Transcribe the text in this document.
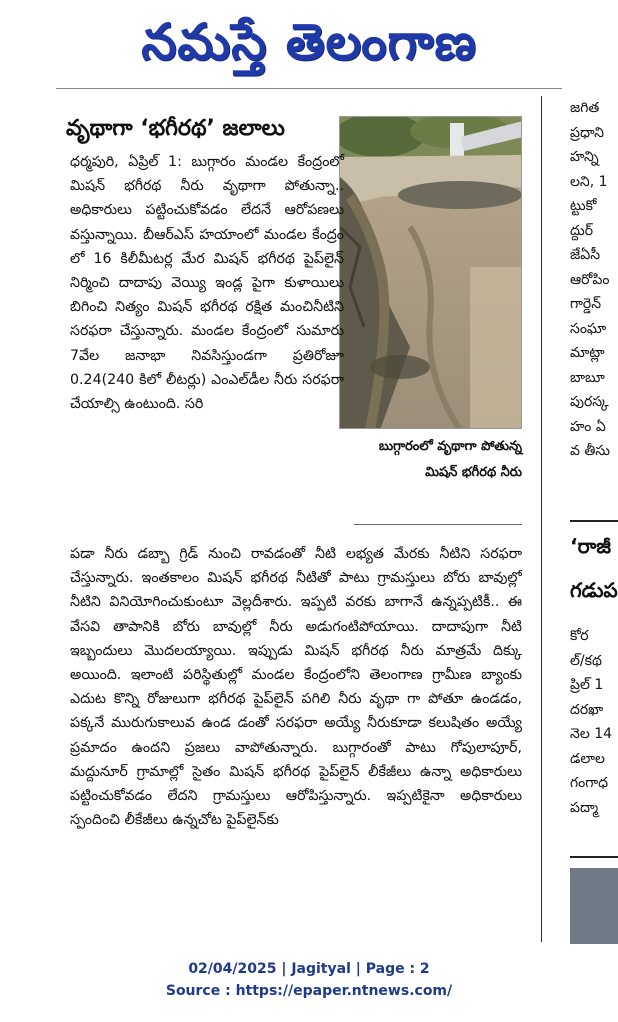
నమస్తే తెలంగాణ
వృథాగా ‘భగీరథ’ జలాలు
ధర్మపురి, ఏప్రిల్ 1: బుగ్గారం మండల కేంద్రంలో మిషన్ భగీరథ నీరు వృథాగా పోతున్నా.. అధికారులు పట్టించుకోవడం లేదనే ఆరోపణలు వస్తున్నాయి. బీఆర్ఎస్ హయాంలో మండల కేంద్రం లో 16 కిలీమీటర్ల మేర మిషన్ భగీరథ పైప్‌లైన్ నిర్మించి దాదాపు వెయ్యి ఇండ్ల పైగా కుళాయిలు బిగించి నిత్యం మిషన్ భగీరథ రక్షిత మంచినీటిని సరఫరా చేస్తున్నారు. మండల కేంద్రంలో సుమారు 7వేల జనాభా నివసిస్తుండగా ప్రతిరోజూ 0.24(240 కిలో లీటర్లు) ఎంఎల్‌డీల నీరు సరఫరా చేయాల్సి ఉంటుంది. సరి
బుగ్గారంలో వృథాగా పోతున్న మిషన్ భగీరథ నీరు
పడా నీరు డబ్బా గ్రిడ్ నుంచి రావడంతో నీటి లభ్యత మేరకు నీటిని సరఫరా చేస్తున్నారు. ఇంతకాలం మిషన్ భగీరథ నీటితో పాటు గ్రామస్తులు బోరు బావుల్లో నీటిని వినియోగించుకుంటూ వెల్లదీశారు. ఇప్పటి వరకు బాగానే ఉన్నప్పటికీ.. ఈ వేసవి తాపానికి బోరు బావుల్లో నీరు అడుగంటిపోయాయి. దాదాపుగా నీటి ఇబ్బందులు మొదలయ్యాయి. ఇప్పుడు మిషన్ భగీరథ నీరు మాత్రమే దిక్కు అయింది. ఇలాంటి పరిస్థితుల్లో మండల కేంద్రంలోని తెలంగాణ గ్రామీణ బ్యాంకు ఎదుట కొన్ని రోజులుగా భగీరథ పైప్‌లైన్ పగిలి నీరు వృథా గా పోతూ ఉండడం, పక్కనే మురుగుకాలువ ఉండ డంతో సరఫరా అయ్యే నీరుకూడా కలుషితం అయ్యే ప్రమాదం ఉందని ప్రజలు వాపోతున్నారు. బుగ్గారంతో పాటు గోపులాపూర్, మద్దునూర్ గ్రామాల్లో సైతం మిషన్ భగీరథ పైప్‌లైన్ లీకేజీలు ఉన్నా అధికారులు పట్టించుకోవడం లేదని గ్రామస్తులు ఆరోపిస్తున్నారు. ఇప్పటికైనా అధికారులు స్పందించి లీకేజీలు ఉన్నచోట పైప్‌లైన్‌కు
జగిత
ప్రధాని
హన్ని
లని, 1
ట్టుకో
ద్దుర్
జేఏసీ
ఆరోపిం
గార్డెన్
సంఘా
మాట్లా
బాబూ
పురస్క
హం ఏ
వ తీసు
‘రాజీ
గడుప
కోర
ల్/కథ
ప్రిల్ 1
దరఖా
నెల 14
డలాల
గంగాధ
పద్మా
02/04/2025 | Jagityal | Page : 2
Source : https://epaper.ntnews.com/
